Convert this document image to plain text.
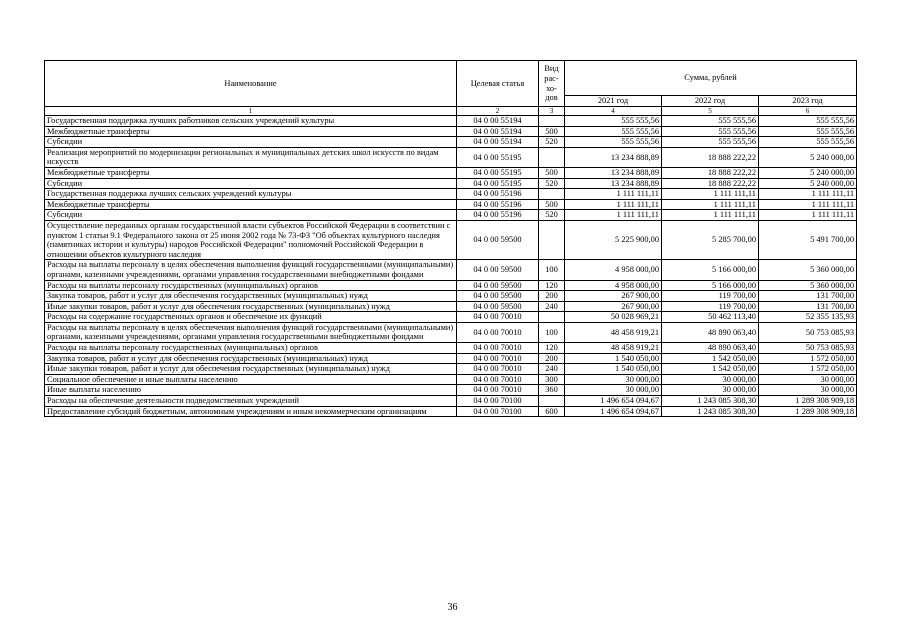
Наименование	Целевая статья	Вид рас- хо- дов	Сумма, рублей		
			2021 год	2022 год	2023 год
1	2	3	4	5	6
Государственная поддержка лучших работников сельских учреждений культуры	04 0 00 55194		555 555,56	555 555,56	555 555,56
Межбюджетные трансферты	04 0 00 55194	500	555 555,56	555 555,56	555 555,56
Субсидии	04 0 00 55194	520	555 555,56	555 555,56	555 555,56
Реализация мероприятий по модернизации региональных и муниципальных детских школ искусств по видам искусств	04 0 00 55195		13 234 888,89	18 888 222,22	5 240 000,00
Межбюджетные трансферты	04 0 00 55195	500	13 234 888,89	18 888 222,22	5 240 000,00
Субсидии	04 0 00 55195	520	13 234 888,89	18 888 222,22	5 240 000,00
Государственная поддержка лучших сельских учреждений культуры	04 0 00 55196		1 111 111,11	1 111 111,11	1 111 111,11
Межбюджетные трансферты	04 0 00 55196	500	1 111 111,11	1 111 111,11	1 111 111,11
Субсидии	04 0 00 55196	520	1 111 111,11	1 111 111,11	1 111 111,11
Осуществление переданных органам государственной власти субъектов Российской Федерации в соответствии с пунктом 1 статьи 9.1 Федерального закона от 25 июня 2002 года № 73-ФЗ "Об объектах культурного наследия (памятниках истории и культуры) народов Российской Федерации" полномочий Российской Федерации в отношении объектов культурного наследия	04 0 00 59500		5 225 900,00	5 285 700,00	5 491 700,00
Расходы на выплаты персоналу в целях обеспечения выполнения функций государственными (муниципальными) органами, казенными учреждениями, органами управления государственными внебюджетными фондами	04 0 00 59500	100	4 958 000,00	5 166 000,00	5 360 000,00
Расходы на выплаты персоналу государственных (муниципальных) органов	04 0 00 59500	120	4 958 000,00	5 166 000,00	5 360 000,00
Закупка товаров, работ и услуг для обеспечения государственных (муниципальных) нужд	04 0 00 59500	200	267 900,00	119 700,00	131 700,00
Иные закупки товаров, работ и услуг для обеспечения государственных (муниципальных) нужд	04 0 00 59500	240	267 900,00	119 700,00	131 700,00
Расходы на содержание государственных органов и обеспечение их функций	04 0 00 70010		50 028 969,21	50 462 113,40	52 355 135,93
Расходы на выплаты персоналу в целях обеспечения выполнения функций государственными (муниципальными) органами, казенными учреждениями, органами управления государственными внебюджетными фондами	04 0 00 70010	100	48 458 919,21	48 890 063,40	50 753 085,93
Расходы на выплаты персоналу государственных (муниципальных) органов	04 0 00 70010	120	48 458 919,21	48 890 063,40	50 753 085,93
Закупка товаров, работ и услуг для обеспечения государственных (муниципальных) нужд	04 0 00 70010	200	1 540 050,00	1 542 050,00	1 572 050,00
Иные закупки товаров, работ и услуг для обеспечения государственных (муниципальных) нужд	04 0 00 70010	240	1 540 050,00	1 542 050,00	1 572 050,00
Социальное обеспечение и иные выплаты населению	04 0 00 70010	300	30 000,00	30 000,00	30 000,00
Иные выплаты населению	04 0 00 70010	360	30 000,00	30 000,00	30 000,00
Расходы на обеспечение деятельности подведомственных учреждений	04 0 00 70100		1 496 654 094,67	1 243 085 308,30	1 289 308 909,18
Предоставление субсидий бюджетным, автономным учреждениям и иным некоммерческим организациям	04 0 00 70100	600	1 496 654 094,67	1 243 085 308,30	1 289 308 909,18
36
